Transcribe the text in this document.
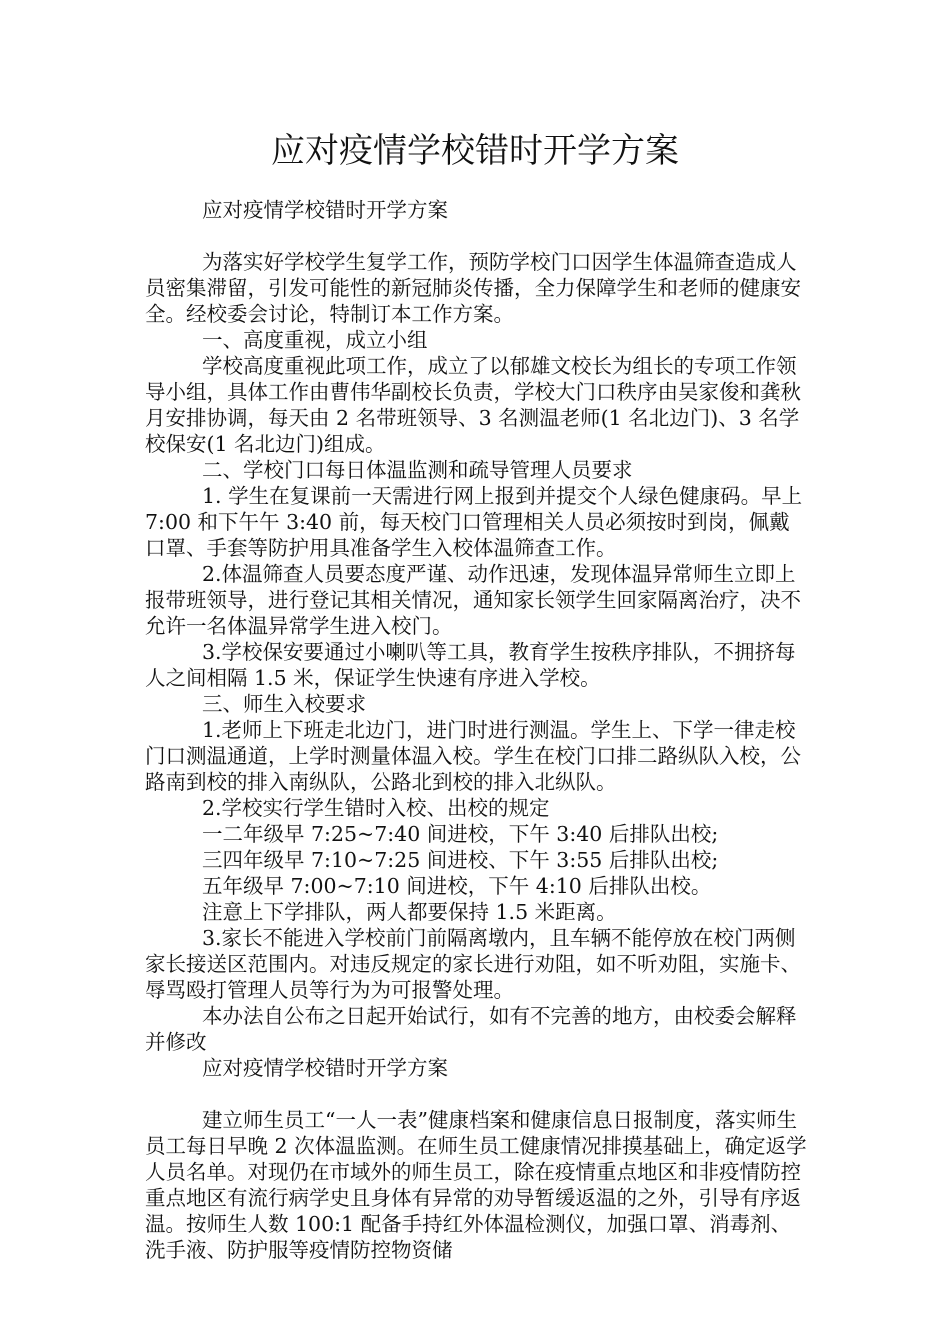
应对疫情学校错时开学方案

应对疫情学校错时开学方案

为落实好学校学生复学工作，预防学校门口因学生体温筛查造成人员密集滞留，引发可能性的新冠肺炎传播，全力保障学生和老师的健康安全。经校委会讨论，特制订本工作方案。

一、高度重视，成立小组

学校高度重视此项工作，成立了以郁雄文校长为组长的专项工作领导小组，具体工作由曹伟华副校长负责，学校大门口秩序由吴家俊和龚秋月安排协调，每天由 2 名带班领导、3 名测温老师(1 名北边门)、3 名学校保安(1 名北边门)组成。

二、学校门口每日体温监测和疏导管理人员要求

1. 学生在复课前一天需进行网上报到并提交个人绿色健康码。早上 7:00 和下午午 3:40 前，每天校门口管理相关人员必须按时到岗，佩戴口罩、手套等防护用具准备学生入校体温筛查工作。

2.体温筛查人员要态度严谨、动作迅速，发现体温异常师生立即上报带班领导，进行登记其相关情况，通知家长领学生回家隔离治疗，决不允许一名体温异常学生进入校门。

3.学校保安要通过小喇叭等工具，教育学生按秩序排队，不拥挤每人之间相隔 1.5 米，保证学生快速有序进入学校。

三、师生入校要求

1.老师上下班走北边门，进门时进行测温。学生上、下学一律走校门口测温通道，上学时测量体温入校。学生在校门口排二路纵队入校，公路南到校的排入南纵队，公路北到校的排入北纵队。

2.学校实行学生错时入校、出校的规定

一二年级早 7:25~7:40 间进校，下午 3:40 后排队出校;

三四年级早 7:10~7:25 间进校、下午 3:55 后排队出校;

五年级早 7:00~7:10 间进校，下午 4:10 后排队出校。

注意上下学排队，两人都要保持 1.5 米距离。

3.家长不能进入学校前门前隔离墩内，且车辆不能停放在校门两侧家长接送区范围内。对违反规定的家长进行劝阻，如不听劝阻，实施卡、辱骂殴打管理人员等行为为可报警处理。

本办法自公布之日起开始试行，如有不完善的地方，由校委会解释并修改

应对疫情学校错时开学方案

建立师生员工“一人一表”健康档案和健康信息日报制度，落实师生员工每日早晚 2 次体温监测。在师生员工健康情况排摸基础上，确定返学人员名单。对现仍在市域外的师生员工，除在疫情重点地区和非疫情防控重点地区有流行病学史且身体有异常的劝导暂缓返温的之外，引导有序返温。按师生人数 100:1 配备手持红外体温检测仪，加强口罩、消毒剂、洗手液、防护服等疫情防控物资储
